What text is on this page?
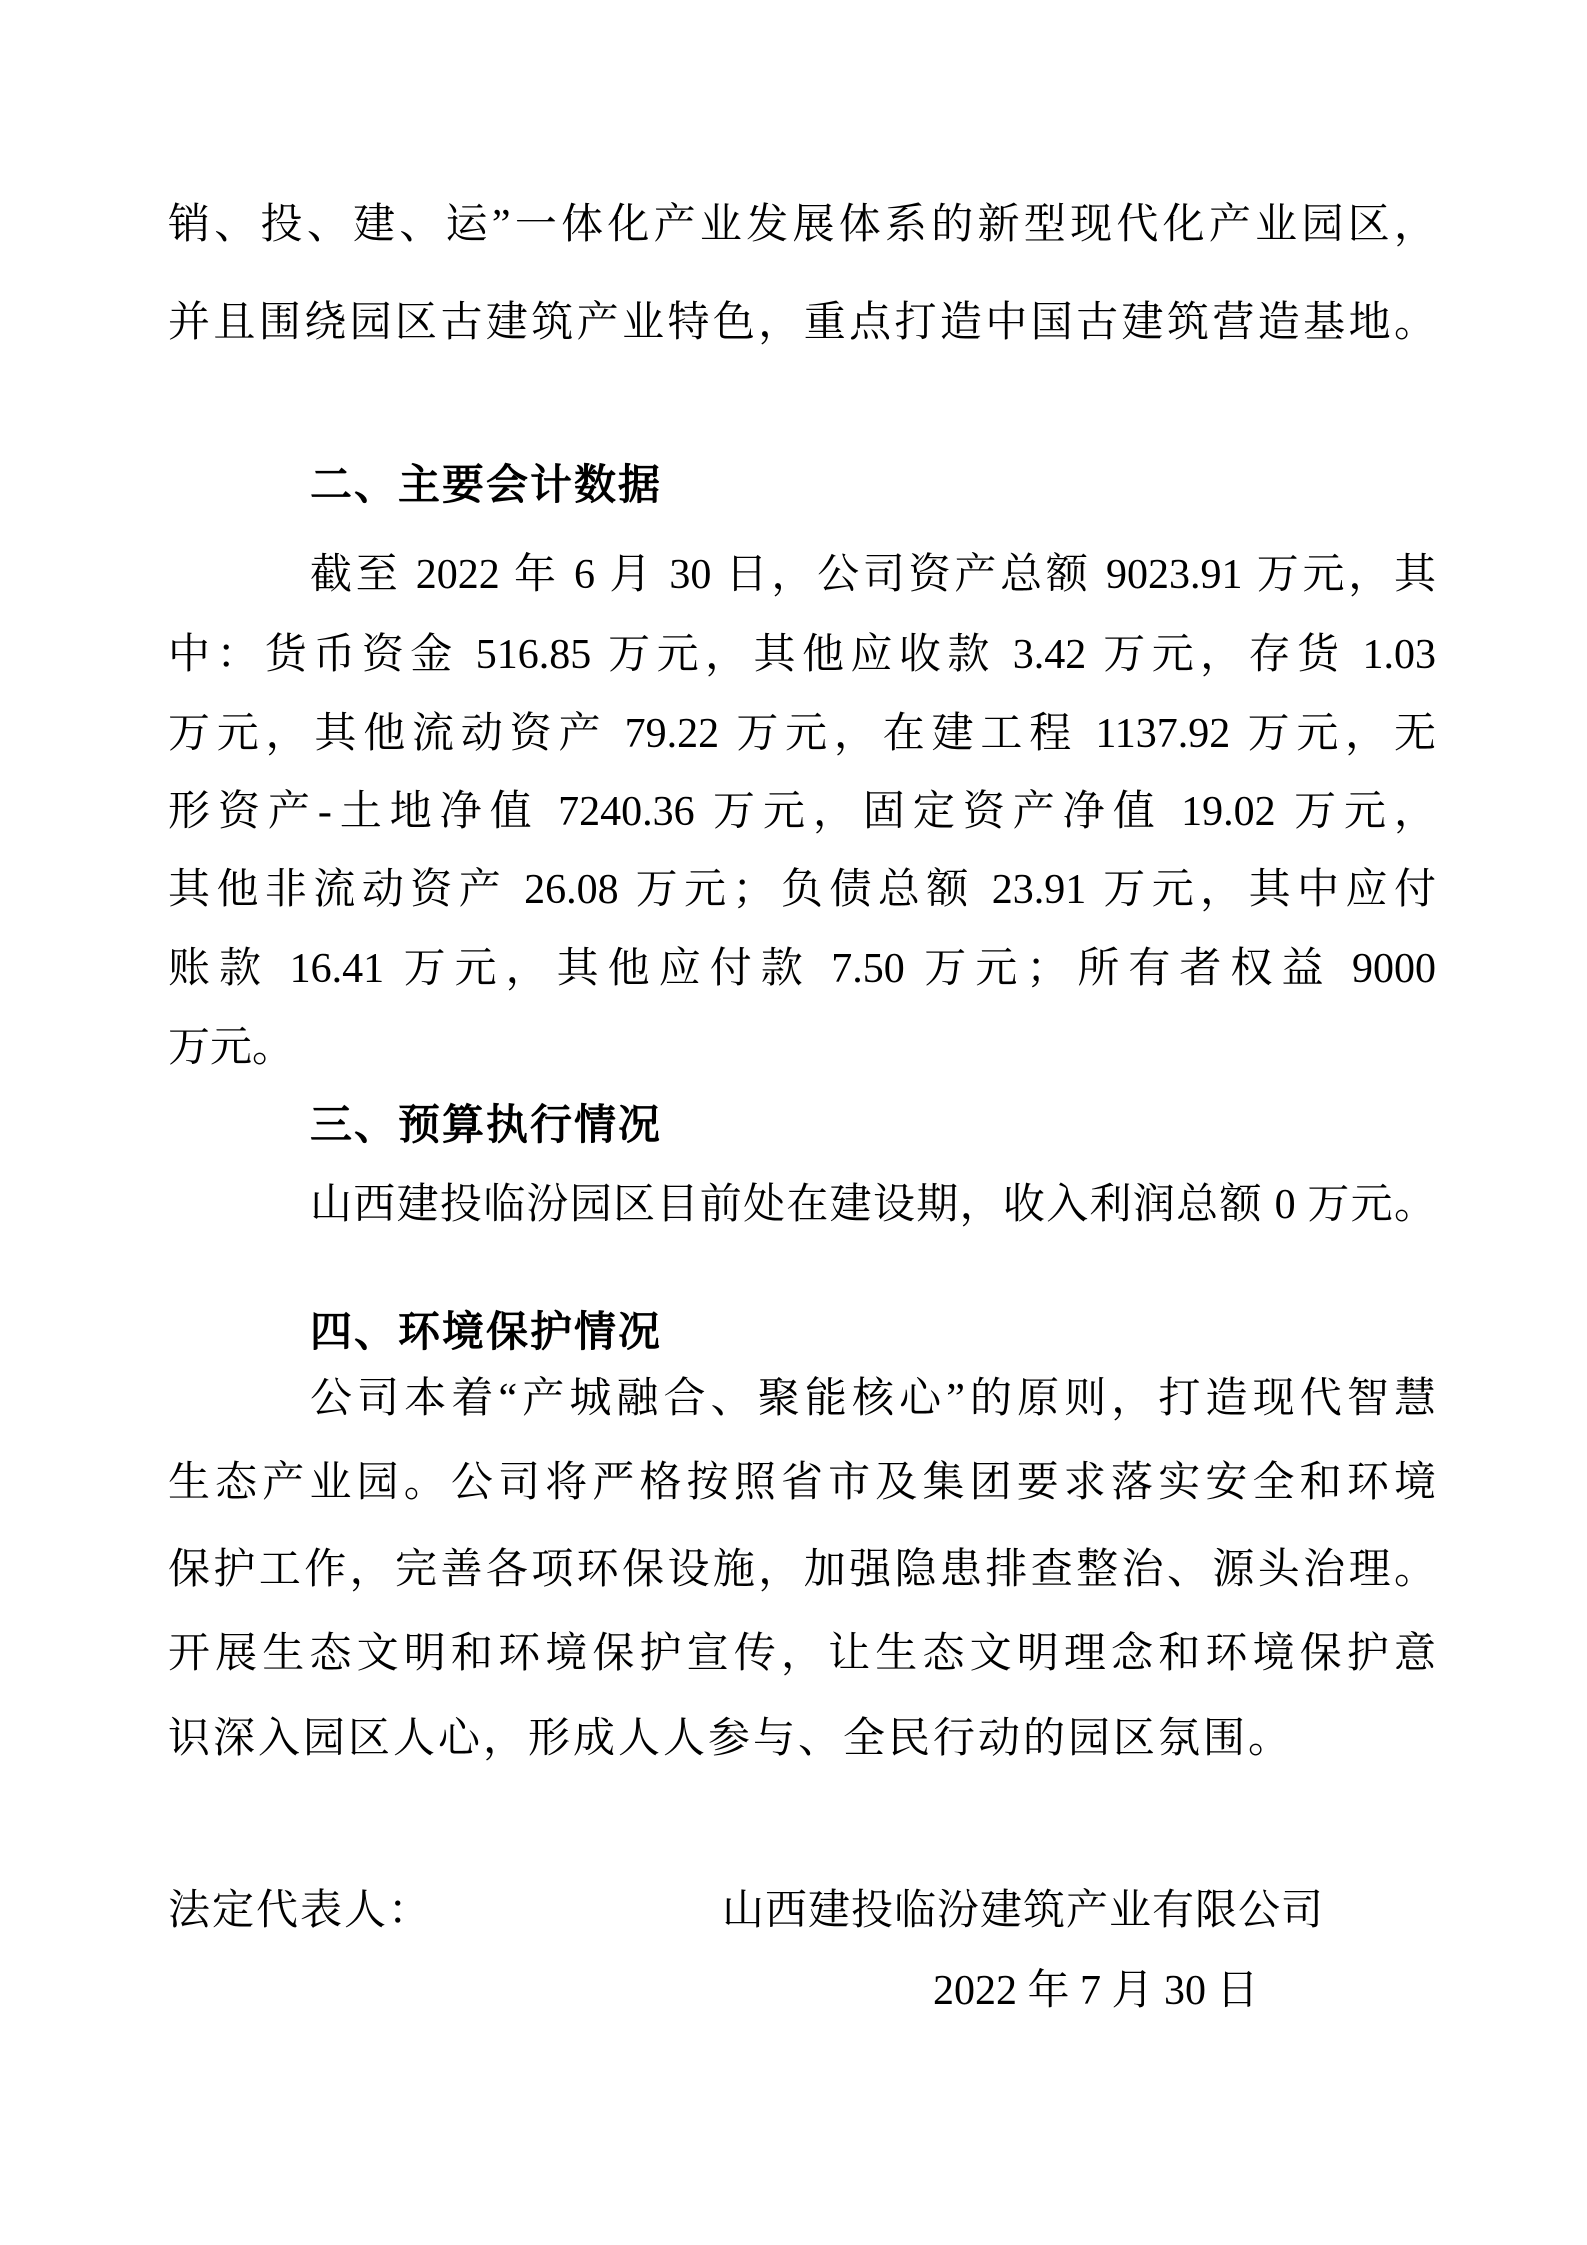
销、投、建、运”一体化产业发展体系的新型现代化产业园区，
并且围绕园区古建筑产业特色，重点打造中国古建筑营造基地。
二、主要会计数据
截至 2022 年 6 月 30 日，公司资产总额 9023.91 万元，其
中：货币资金 516.85 万元，其他应收款 3.42 万元，存货 1.03
万元，其他流动资产 79.22 万元，在建工程 1137.92 万元，无
形资产-土地净值 7240.36 万元，固定资产净值 19.02 万元，
其他非流动资产 26.08 万元；负债总额 23.91 万元，其中应付
账款 16.41 万元，其他应付款 7.50 万元；所有者权益 9000
万元。
三、预算执行情况
山西建投临汾园区目前处在建设期，收入利润总额 0 万元。
四、环境保护情况
公司本着“产城融合、聚能核心”的原则，打造现代智慧
生态产业园。公司将严格按照省市及集团要求落实安全和环境
保护工作，完善各项环保设施，加强隐患排查整治、源头治理。
开展生态文明和环境保护宣传，让生态文明理念和环境保护意
识深入园区人心，形成人人参与、全民行动的园区氛围。
法定代表人：	山西建投临汾建筑产业有限公司
2022 年 7 月 30 日
